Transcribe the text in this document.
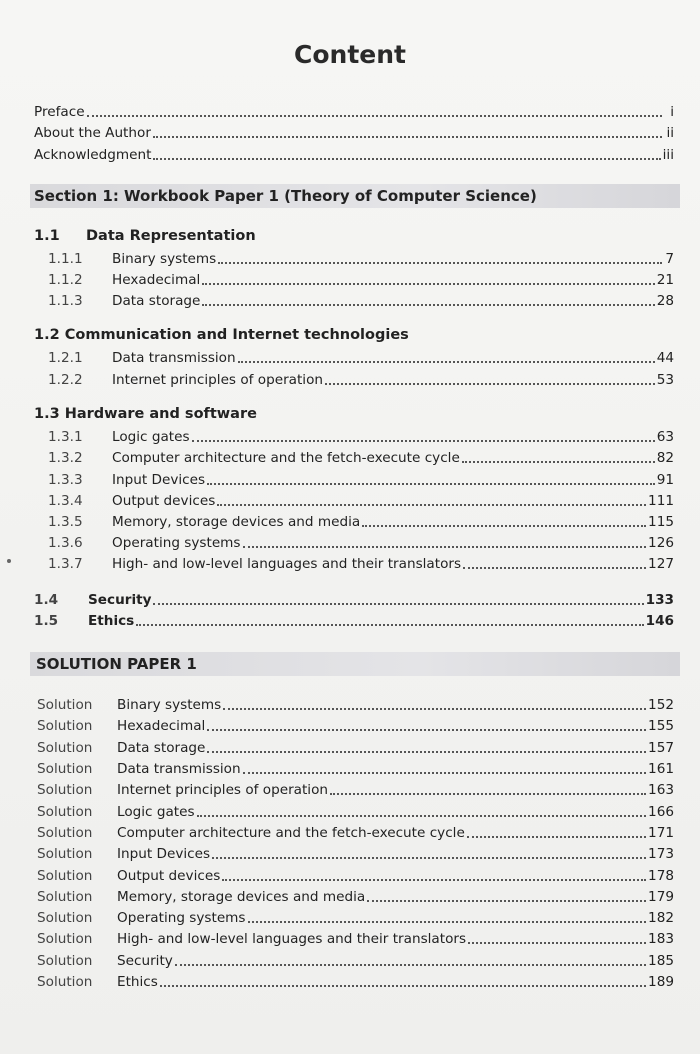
Content
Preface	i
About the Author	ii
Acknowledgment	iii
Section 1: Workbook Paper 1 (Theory of Computer Science)
1.1 Data Representation
1.1.1	Binary systems	7
1.1.2	Hexadecimal	21
1.1.3	Data storage	28
1.2 Communication and Internet technologies
1.2.1	Data transmission	44
1.2.2	Internet principles of operation	53
1.3 Hardware and software
1.3.1	Logic gates	63
1.3.2	Computer architecture and the fetch-execute cycle	82
1.3.3	Input Devices	91
1.3.4	Output devices	111
1.3.5	Memory, storage devices and media	115
1.3.6	Operating systems	126
1.3.7	High- and low-level languages and their translators	127
1.4	Security	133
1.5	Ethics	146
SOLUTION PAPER 1
Solution	Binary systems	152
Solution	Hexadecimal	155
Solution	Data storage	157
Solution	Data transmission	161
Solution	Internet principles of operation	163
Solution	Logic gates	166
Solution	Computer architecture and the fetch-execute cycle	171
Solution	Input Devices	173
Solution	Output devices	178
Solution	Memory, storage devices and media	179
Solution	Operating systems	182
Solution	High- and low-level languages and their translators	183
Solution	Security	185
Solution	Ethics	189
